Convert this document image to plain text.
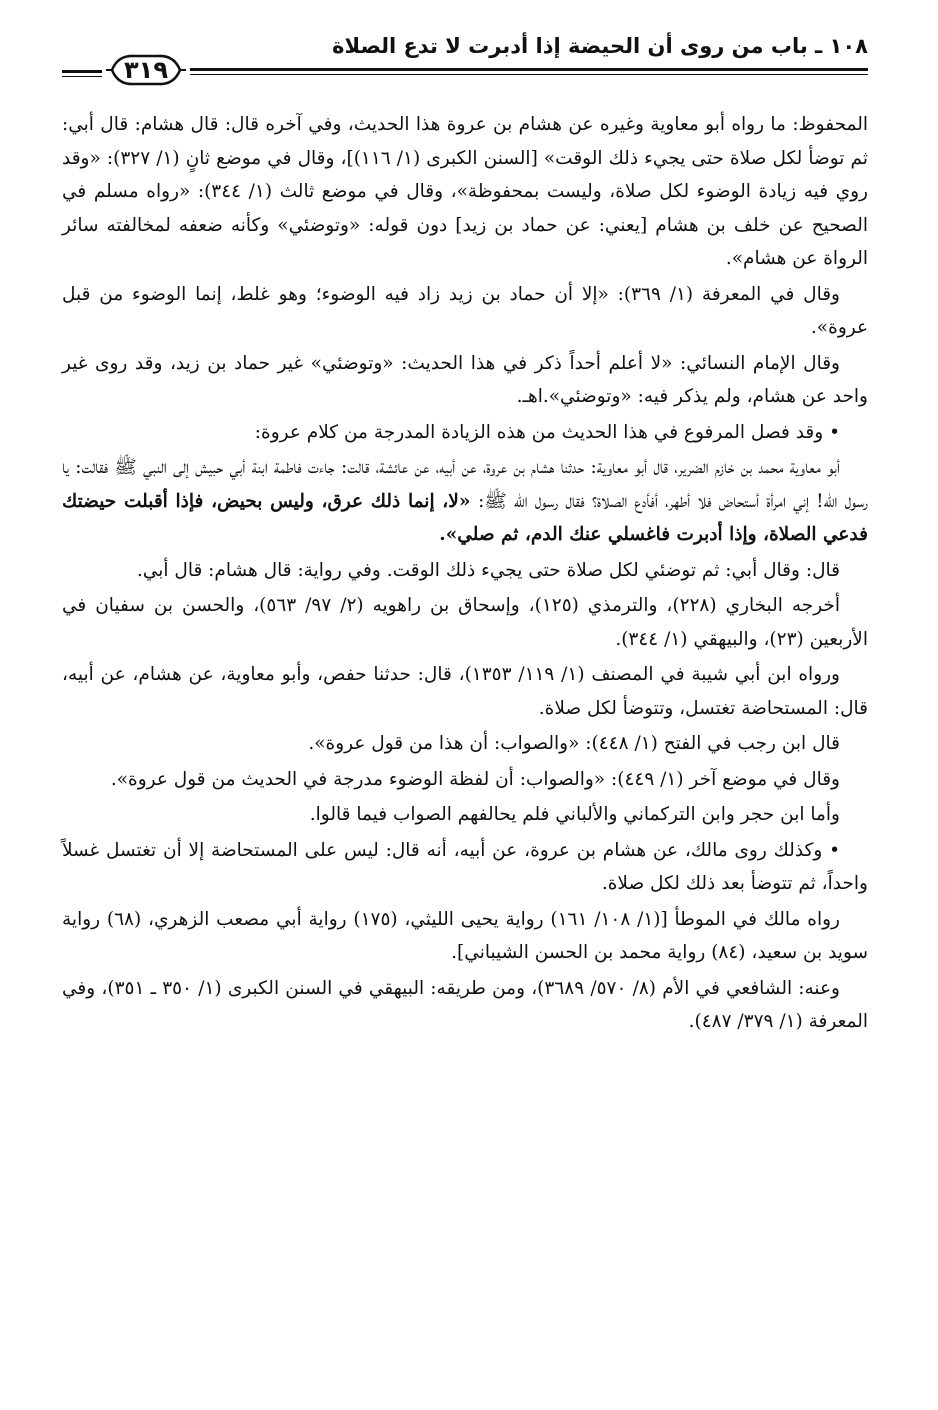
١٠٨ ـ باب من روى أن الحيضة إذا أدبرت لا تدع الصلاة
٣١٩

المحفوظ: ما رواه أبو معاوية وغيره عن هشام بن عروة هذا الحديث، وفي آخره قال: قال هشام: قال أبي: ثم توضأ لكل صلاة حتى يجيء ذلك الوقت» [السنن الكبرى (١/ ١١٦)]، وقال في موضع ثانٍ (١/ ٣٢٧): «وقد روي فيه زيادة الوضوء لكل صلاة، وليست بمحفوظة»، وقال في موضع ثالث (١/ ٣٤٤): «رواه مسلم في الصحيح عن خلف بن هشام [يعني: عن حماد بن زيد] دون قوله: «وتوضئي» وكأنه ضعفه لمخالفته سائر الرواة عن هشام».

وقال في المعرفة (١/ ٣٦٩): «إلا أن حماد بن زيد زاد فيه الوضوء؛ وهو غلط، إنما الوضوء من قبل عروة».

وقال الإمام النسائي: «لا أعلم أحداً ذكر في هذا الحديث: «وتوضئي» غير حماد بن زيد، وقد روى غير واحد عن هشام، ولم يذكر فيه: «وتوضئي».اهـ.

• وقد فصل المرفوع في هذا الحديث من هذه الزيادة المدرجة من كلام عروة:

أبو معاوية محمد بن خازم الضرير، قال أبو معاوية: حدثنا هشام بن عروة، عن أبيه، عن عائشة، قالت: جاءت فاطمة ابنة أبي حبيش إلى النبي ﷺ فقالت: يا رسول الله! إني امرأة أستحاض فلا أطهر، أفأدع الصلاة؟ فقال رسول الله ﷺ: «لا، إنما ذلك عرق، وليس بحيض، فإذا أقبلت حيضتك فدعي الصلاة، وإذا أدبرت فاغسلي عنك الدم، ثم صلي».

قال: وقال أبي: ثم توضئي لكل صلاة حتى يجيء ذلك الوقت. وفي رواية: قال هشام: قال أبي.

أخرجه البخاري (٢٢٨)، والترمذي (١٢٥)، وإسحاق بن راهويه (٢/ ٩٧/ ٥٦٣)، والحسن بن سفيان في الأربعين (٢٣)، والبيهقي (١/ ٣٤٤).

ورواه ابن أبي شيبة في المصنف (١/ ١١٩/ ١٣٥٣)، قال: حدثنا حفص، وأبو معاوية، عن هشام، عن أبيه، قال: المستحاضة تغتسل، وتتوضأ لكل صلاة.

قال ابن رجب في الفتح (١/ ٤٤٨): «والصواب: أن هذا من قول عروة».

وقال في موضع آخر (١/ ٤٤٩): «والصواب: أن لفظة الوضوء مدرجة في الحديث من قول عروة».

وأما ابن حجر وابن التركماني والألباني فلم يحالفهم الصواب فيما قالوا.

• وكذلك روى مالك، عن هشام بن عروة، عن أبيه، أنه قال: ليس على المستحاضة إلا أن تغتسل غسلاً واحداً، ثم تتوضأ بعد ذلك لكل صلاة.

رواه مالك في الموطأ [(١/ ١٠٨/ ١٦١) رواية يحيى الليثي، (١٧٥) رواية أبي مصعب الزهري، (٦٨) رواية سويد بن سعيد، (٨٤) رواية محمد بن الحسن الشيباني].

وعنه: الشافعي في الأم (٨/ ٥٧٠/ ٣٦٨٩)، ومن طريقه: البيهقي في السنن الكبرى (١/ ٣٥٠ ـ ٣٥١)، وفي المعرفة (١/ ٣٧٩/ ٤٨٧).
